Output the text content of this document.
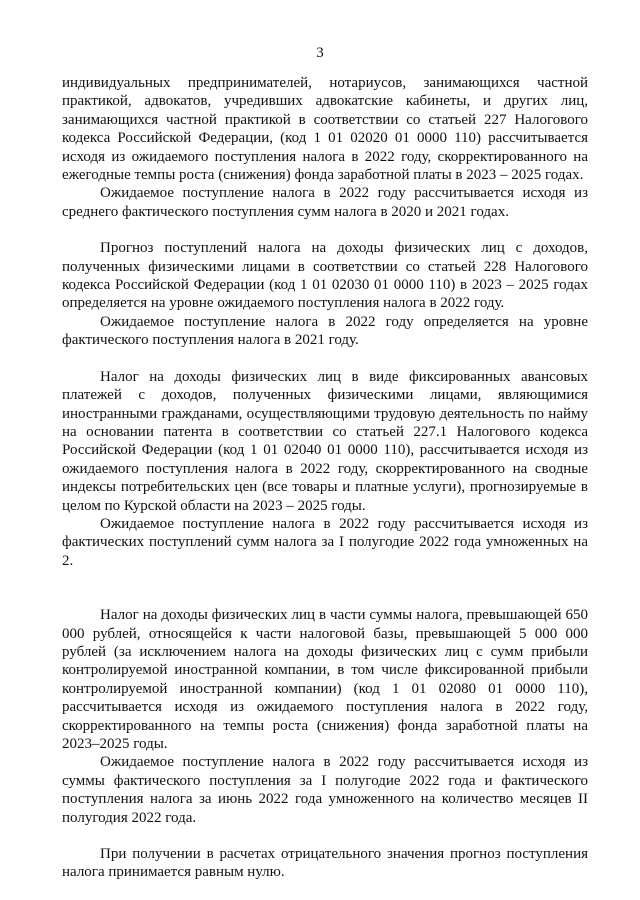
3

индивидуальных предпринимателей, нотариусов, занимающихся частной практикой, адвокатов, учредивших адвокатские кабинеты, и других лиц, занимающихся частной практикой в соответствии со статьей 227 Налогового кодекса Российской Федерации, (код 1 01 02020 01 0000 110) рассчитывается исходя из ожидаемого поступления налога в 2022 году, скорректированного на ежегодные темпы роста (снижения) фонда заработной платы в 2023 – 2025 годах.

Ожидаемое поступление налога в 2022 году рассчитывается исходя из среднего фактического поступления сумм налога в 2020 и 2021 годах.

Прогноз поступлений налога на доходы физических лиц с доходов, полученных физическими лицами в соответствии со статьей 228 Налогового кодекса Российской Федерации (код 1 01 02030 01 0000 110) в 2023 – 2025 годах определяется на уровне ожидаемого поступления налога в 2022 году.

Ожидаемое поступление налога в 2022 году определяется на уровне фактического поступления налога в 2021 году.

Налог на доходы физических лиц в виде фиксированных авансовых платежей с доходов, полученных физическими лицами, являющимися иностранными гражданами, осуществляющими трудовую деятельность по найму на основании патента в соответствии со статьей 227.1 Налогового кодекса Российской Федерации (код 1 01 02040 01 0000 110), рассчитывается исходя из ожидаемого поступления налога в 2022 году, скорректированного на сводные индексы потребительских цен (все товары и платные услуги), прогнозируемые в целом по Курской области на 2023 – 2025 годы.

Ожидаемое поступление налога в 2022 году рассчитывается исходя из фактических поступлений сумм налога за I полугодие 2022 года умноженных на 2.

Налог на доходы физических лиц в части суммы налога, превышающей 650 000 рублей, относящейся к части налоговой базы, превышающей 5 000 000 рублей (за исключением налога на доходы физических лиц с сумм прибыли контролируемой иностранной компании, в том числе фиксированной прибыли контролируемой иностранной компании) (код 1 01 02080 01 0000 110), рассчитывается исходя из ожидаемого поступления налога в 2022 году, скорректированного на темпы роста (снижения) фонда заработной платы на 2023–2025 годы.

Ожидаемое поступление налога в 2022 году рассчитывается исходя из суммы фактического поступления за I полугодие 2022 года и фактического поступления налога за июнь 2022 года умноженного на количество месяцев II полугодия 2022 года.

При получении в расчетах отрицательного значения прогноз поступления налога принимается равным нулю.
